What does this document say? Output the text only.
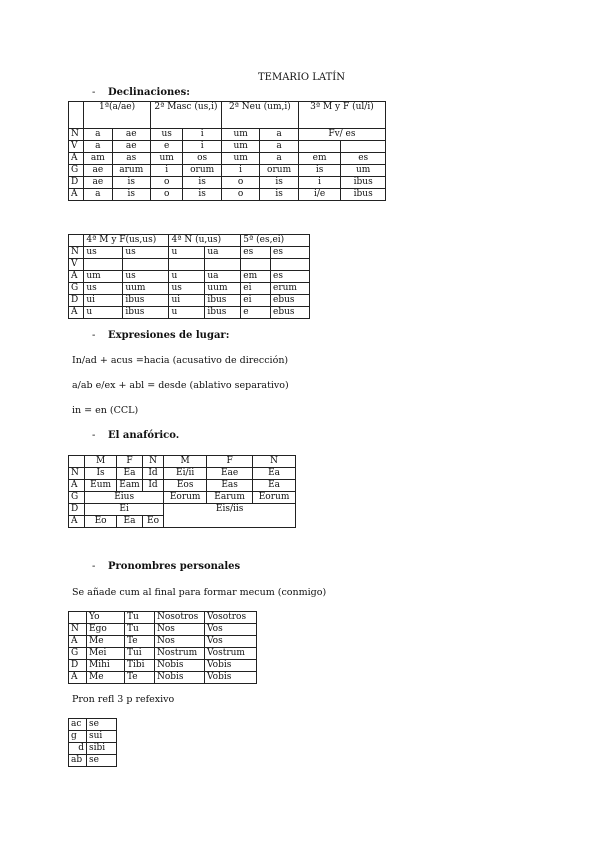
TEMARIO LATÍN
- Declinaciones:
	1ª(a/ae)		2ª Masc (us,i)		2ª Neu (um,i)		3ª M y F (ul/i)	
N	a	ae	us	i	um	a	Fv/ es	
V	a	ae	e	i	um	a		
A	am	as	um	os	um	a	em	es
G	ae	arum	i	orum	i	orum	is	um
D	ae	is	o	is	o	is	i	ibus
A	a	is	o	is	o	is	i/e	ibus
	4ª M y F(us,us)		4ª N (u,us)		5ª (es,ei)	
N	us	us	u	ua	es	es
V						
A	um	us	u	ua	em	es
G	us	uum	us	uum	ei	erum
D	ui	ibus	ui	ibus	ei	ebus
A	u	ibus	u	ibus	e	ebus
- Expresiones de lugar:
In/ad + acus =hacia (acusativo de dirección)
a/ab e/ex + abl = desde (ablativo separativo)
in = en (CCL)
- El anafórico.
	M	F	N	M	F	N
N	Is	Ea	Id	Ei/ii	Eae	Ea
A	Eum	Eam	Id	Eos	Eas	Ea
G	Eius			Eorum	Earum	Eorum
D	Ei			Eis/iis		
A	Eo	Ea	Eo			
- Pronombres personales
Se añade cum al final para formar mecum (conmigo)
	Yo	Tu	Nosotros	Vosotros
N	Ego	Tu	Nos	Vos
A	Me	Te	Nos	Vos
G	Mei	Tui	Nostrum	Vostrum
D	Mihi	Tibi	Nobis	Vobis
A	Me	Te	Nobis	Vobis
Pron refl 3 p refexivo
ac	se
g	sui
d	sibi
ab	se
